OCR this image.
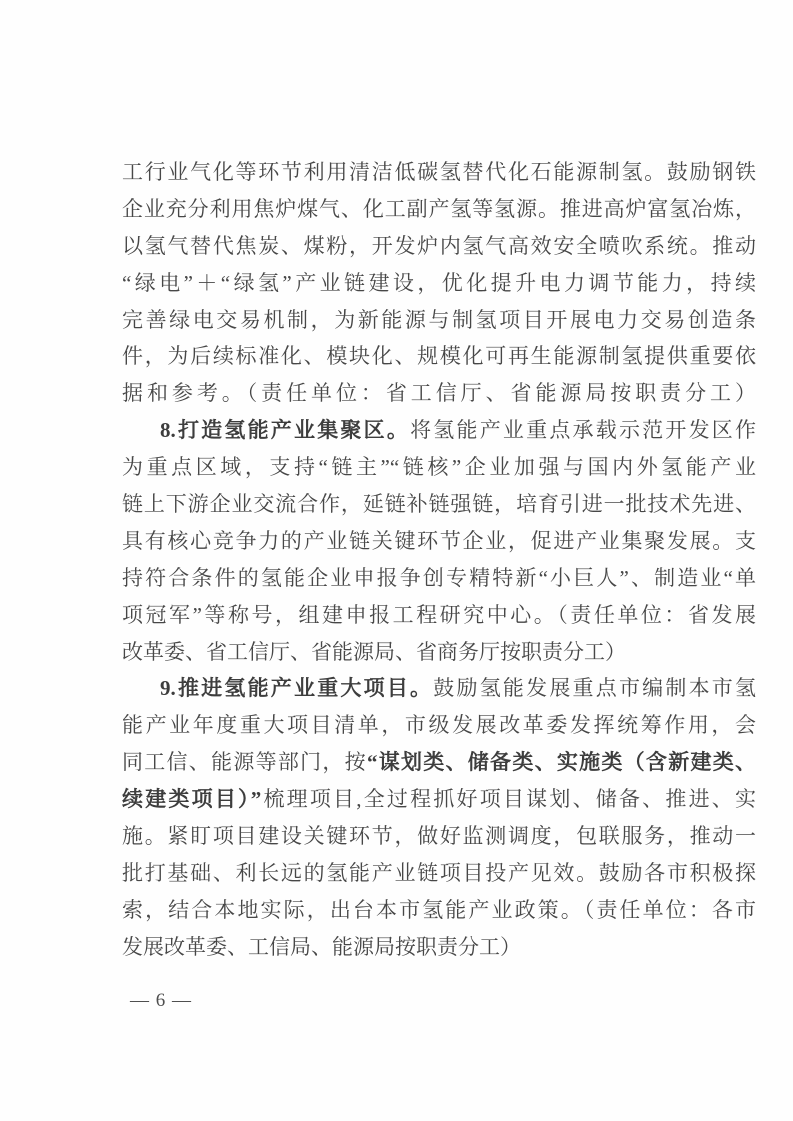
工行业气化等环节利用清洁低碳氢替代化石能源制氢。鼓励钢铁
企业充分利用焦炉煤气、化工副产氢等氢源。推进高炉富氢冶炼，
以氢气替代焦炭、煤粉，开发炉内氢气高效安全喷吹系统。推动
“绿电”＋“绿氢”产业链建设，优化提升电力调节能力，持续
完善绿电交易机制，为新能源与制氢项目开展电力交易创造条
件，为后续标准化、模块化、规模化可再生能源制氢提供重要依
据和参考。（责任单位：省工信厅、省能源局按职责分工）
8.打造氢能产业集聚区。将氢能产业重点承载示范开发区作
为重点区域，支持“链主”“链核”企业加强与国内外氢能产业
链上下游企业交流合作，延链补链强链，培育引进一批技术先进、
具有核心竞争力的产业链关键环节企业，促进产业集聚发展。支
持符合条件的氢能企业申报争创专精特新“小巨人”、制造业“单
项冠军”等称号，组建申报工程研究中心。（责任单位：省发展
改革委、省工信厅、省能源局、省商务厅按职责分工）
9.推进氢能产业重大项目。鼓励氢能发展重点市编制本市氢
能产业年度重大项目清单，市级发展改革委发挥统筹作用，会
同工信、能源等部门，按“谋划类、储备类、实施类（含新建类、
续建类项目）”梳理项目,全过程抓好项目谋划、储备、推进、实
施。紧盯项目建设关键环节，做好监测调度，包联服务，推动一
批打基础、利长远的氢能产业链项目投产见效。鼓励各市积极探
索，结合本地实际，出台本市氢能产业政策。（责任单位：各市
发展改革委、工信局、能源局按职责分工）
— 6 —
